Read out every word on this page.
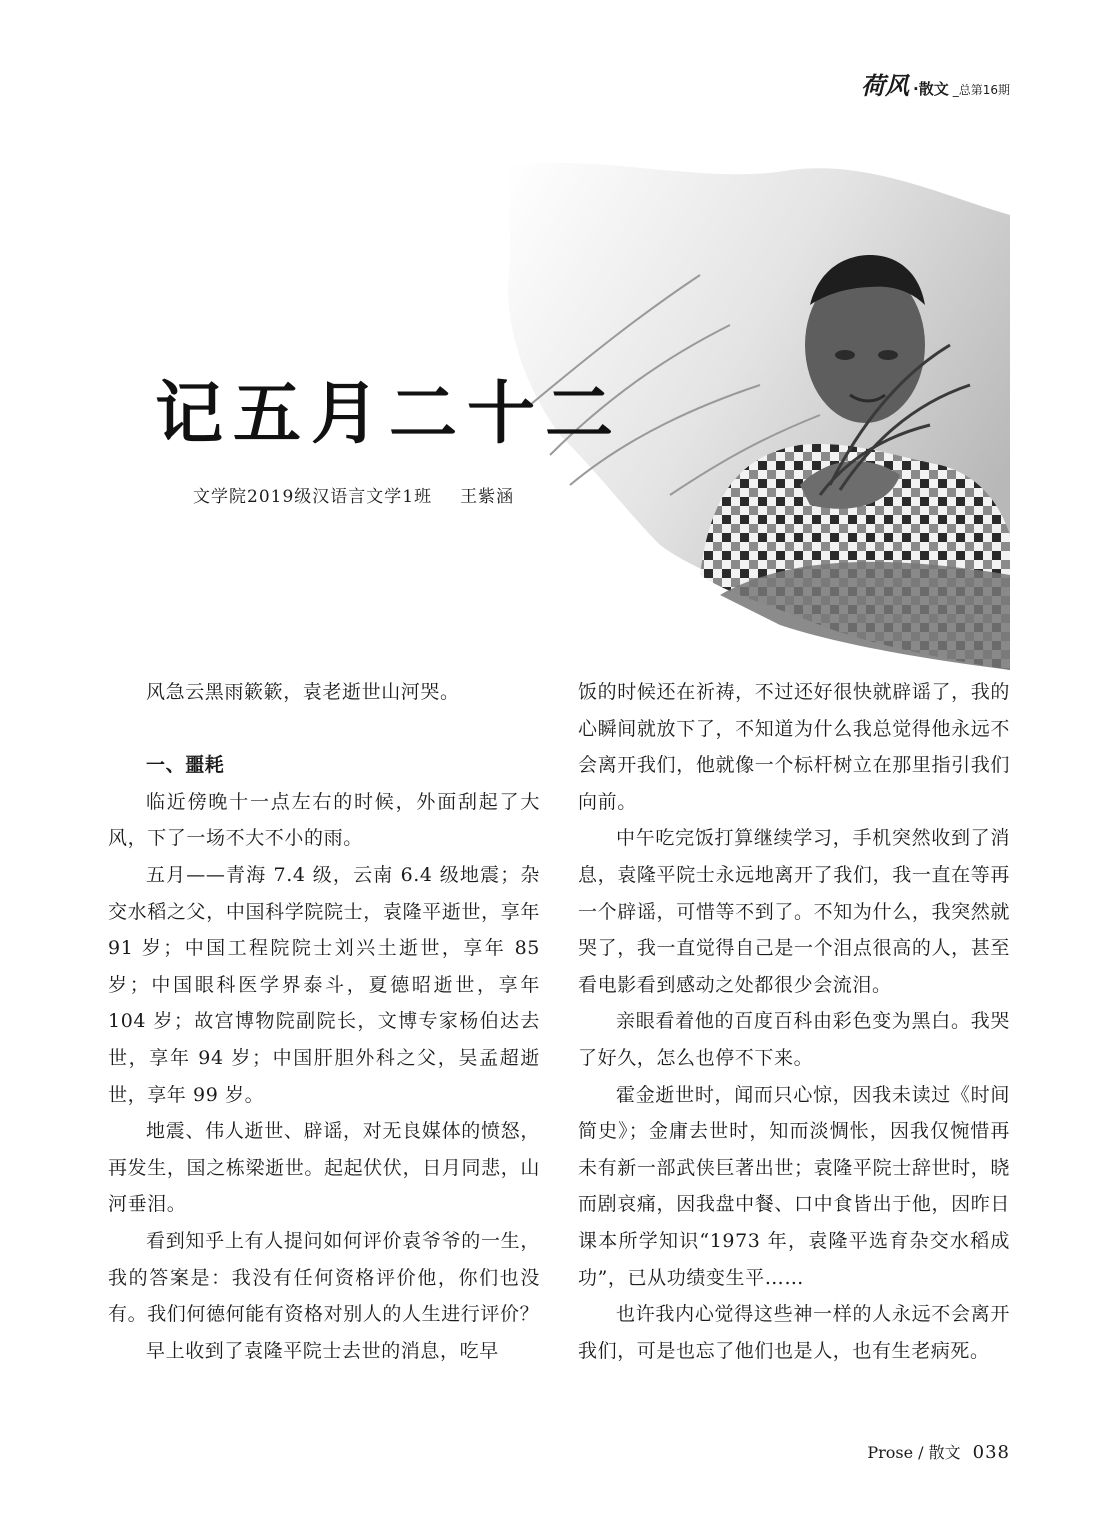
荷风 ·散文 _总第16期
记五月二十二
文学院2019级汉语言文学1班 王紫涵

风急云黑雨簌簌，袁老逝世山河哭。

一、噩耗

临近傍晚十一点左右的时候，外面刮起了大风，下了一场不大不小的雨。

五月——青海 7.4 级，云南 6.4 级地震；杂交水稻之父，中国科学院院士，袁隆平逝世，享年 91 岁；中国工程院院士刘兴土逝世，享年 85 岁；中国眼科医学界泰斗，夏德昭逝世，享年 104 岁；故宫博物院副院长，文博专家杨伯达去世，享年 94 岁；中国肝胆外科之父，吴孟超逝世，享年 99 岁。

地震、伟人逝世、辟谣，对无良媒体的愤怒，再发生，国之栋梁逝世。起起伏伏，日月同悲，山河垂泪。

看到知乎上有人提问如何评价袁爷爷的一生，我的答案是：我没有任何资格评价他，你们也没有。我们何德何能有资格对别人的人生进行评价？

早上收到了袁隆平院士去世的消息，吃早

饭的时候还在祈祷，不过还好很快就辟谣了，我的心瞬间就放下了，不知道为什么我总觉得他永远不会离开我们，他就像一个标杆树立在那里指引我们向前。

中午吃完饭打算继续学习，手机突然收到了消息，袁隆平院士永远地离开了我们，我一直在等再一个辟谣，可惜等不到了。不知为什么，我突然就哭了，我一直觉得自己是一个泪点很高的人，甚至看电影看到感动之处都很少会流泪。

亲眼看着他的百度百科由彩色变为黑白。我哭了好久，怎么也停不下来。

霍金逝世时，闻而只心惊，因我未读过《时间简史》；金庸去世时，知而淡惆怅，因我仅惋惜再未有新一部武侠巨著出世；袁隆平院士辞世时，晓而剧哀痛，因我盘中餐、口中食皆出于他，因昨日课本所学知识“1973 年，袁隆平选育杂交水稻成功”，已从功绩变生平……

也许我内心觉得这些神一样的人永远不会离开我们，可是也忘了他们也是人，也有生老病死。

Prose / 散文 038
